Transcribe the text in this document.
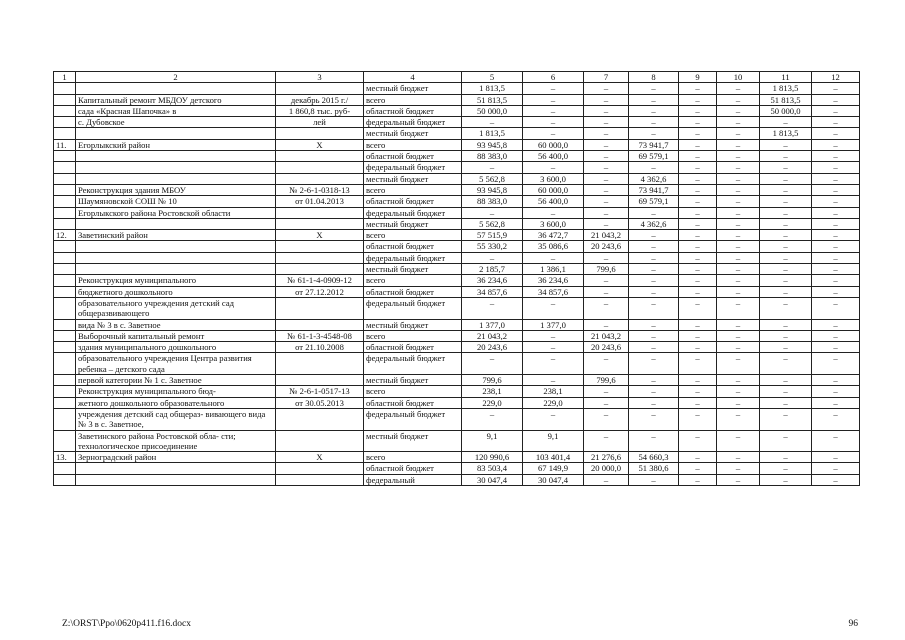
1	2	3	4	5	6	7	8	9	10	11	12
			местный бюджет	1 813,5	–	–	–	–	–	1 813,5	–
	Капитальный ремонт МБДОУ детского	декабрь 2015 г./	всего	51 813,5	–	–	–	–	–	51 813,5	–
	сада «Красная Шапочка» в	1 860,8 тыс. руб-	областной бюджет	50 000,0	–	–	–	–	–	50 000,0	–
	с. Дубовское	лей	федеральный бюджет	–	–	–	–	–	–	–	–
			местный бюджет	1 813,5	–	–	–	–	–	1 813,5	–
11.	Егорлыкский район	Х	всего	93 945,8	60 000,0	–	73 941,7	–	–	–	–
			областной бюджет	88 383,0	56 400,0	–	69 579,1	–	–	–	–
			федеральный бюджет	–	–	–	–	–	–	–	–
			местный бюджет	5 562,8	3 600,0	–	4 362,6	–	–	–	–
	Реконструкция здания МБОУ	№ 2-6-1-0318-13	всего	93 945,8	60 000,0	–	73 941,7	–	–	–	–
	Шаумяновской СОШ № 10	от 01.04.2013	областной бюджет	88 383,0	56 400,0	–	69 579,1	–	–	–	–
	Егорлыкского района Ростовской области		федеральный бюджет	–	–	–	–	–	–	–	–
			местный бюджет	5 562,8	3 600,0	–	4 362,6	–	–	–	–
12.	Заветинский район	Х	всего	57 515,9	36 472,7	21 043,2	–	–	–	–	–
			областной бюджет	55 330,2	35 086,6	20 243,6	–	–	–	–	–
			федеральный бюджет	–	–	–	–	–	–	–	–
			местный бюджет	2 185,7	1 386,1	799,6	–	–	–	–	–
	Реконструкция муниципального	№ 61-1-4-0909-12	всего	36 234,6	36 234,6	–	–	–	–	–	–
	бюджетного дошкольного	от 27.12.2012	областной бюджет	34 857,6	34 857,6	–	–	–	–	–	–
	образовательного учреждения детский сад общеразвивающего		федеральный бюджет	–	–	–	–	–	–	–	–
	вида № 3 в с. Заветное		местный бюджет	1 377,0	1 377,0	–	–	–	–	–	–
	Выборочный капитальный ремонт	№ 61-1-3-4548-08	всего	21 043,2	–	21 043,2	–	–	–	–	–
	здания муниципального дошкольного	от 21.10.2008	областной бюджет	20 243,6	–	20 243,6	–	–	–	–	–
	образовательного учреждения Центра развития ребенка – детского сада		федеральный бюджет	–	–	–	–	–	–	–	–
	первой категории № 1 с. Заветное		местный бюджет	799,6	–	799,6	–	–	–	–	–
	Реконструкция муниципального бюд-	№ 2-6-1-0517-13	всего	238,1	238,1	–	–	–	–	–	–
	жетного дошкольного образовательного	от 30.05.2013	областной бюджет	229,0	229,0	–	–	–	–	–	–
	учреждения детский сад общераз- вивающего вида № 3 в с. Заветное,		федеральный бюджет	–	–	–	–	–	–	–	–
	Заветинского района Ростовской обла- сти; технологическое присоединение		местный бюджет	9,1	9,1	–	–	–	–	–	–
13.	Зерноградский район	Х	всего	120 990,6	103 401,4	21 276,6	54 660,3	–	–	–	–
			областной бюджет	83 503,4	67 149,9	20 000,0	51 380,6	–	–	–	–
			федеральный	30 047,4	30 047,4	–	–	–	–	–	–
Z:\ORST\Ppo\0620p411.f16.docx	96
